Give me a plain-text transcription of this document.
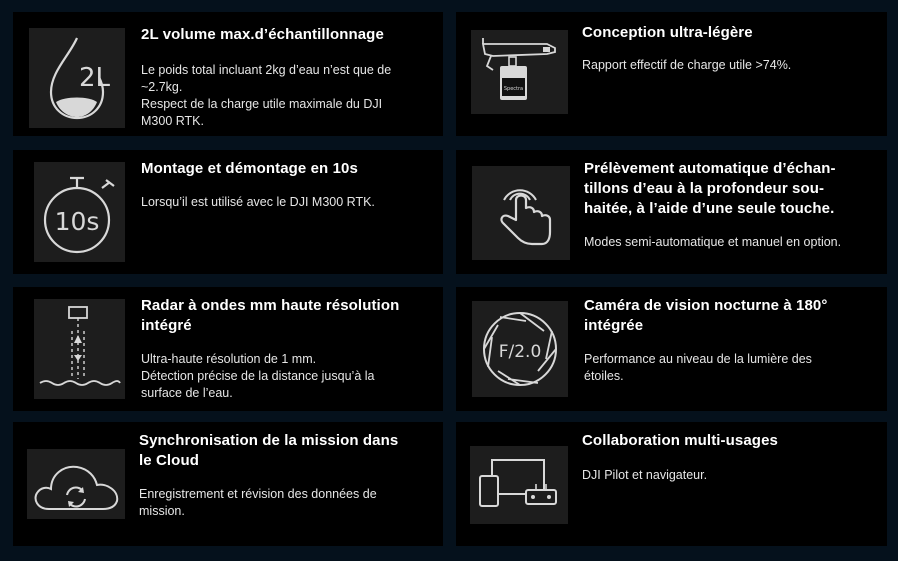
2L
2L volume max.d’échantillonnage
Le poids total incluant 2kg d’eau n’est que de
~2.7kg.
Respect de la charge utile maximale du DJI
M300 RTK.
Spectra
Conception ultra-légère
Rapport effectif de charge utile >74%.
10s
Montage et démontage en 10s
Lorsqu’il est utilisé avec le DJI M300 RTK.
Prélèvement automatique d’échan-
tillons d’eau à la profondeur sou-
haitée, à l’aide d’une seule touche.
Modes semi-automatique et manuel en option.
Radar à ondes mm haute résolution
intégré
Ultra-haute résolution de 1 mm.
Détection précise de la distance jusqu’à la
surface de l’eau.
F/2.0
Caméra de vision nocturne à 180°
intégrée
Performance au niveau de la lumière des
étoiles.
Synchronisation de la mission dans
le Cloud
Enregistrement et révision des données de
mission.
Collaboration multi-usages
DJI Pilot et navigateur.
